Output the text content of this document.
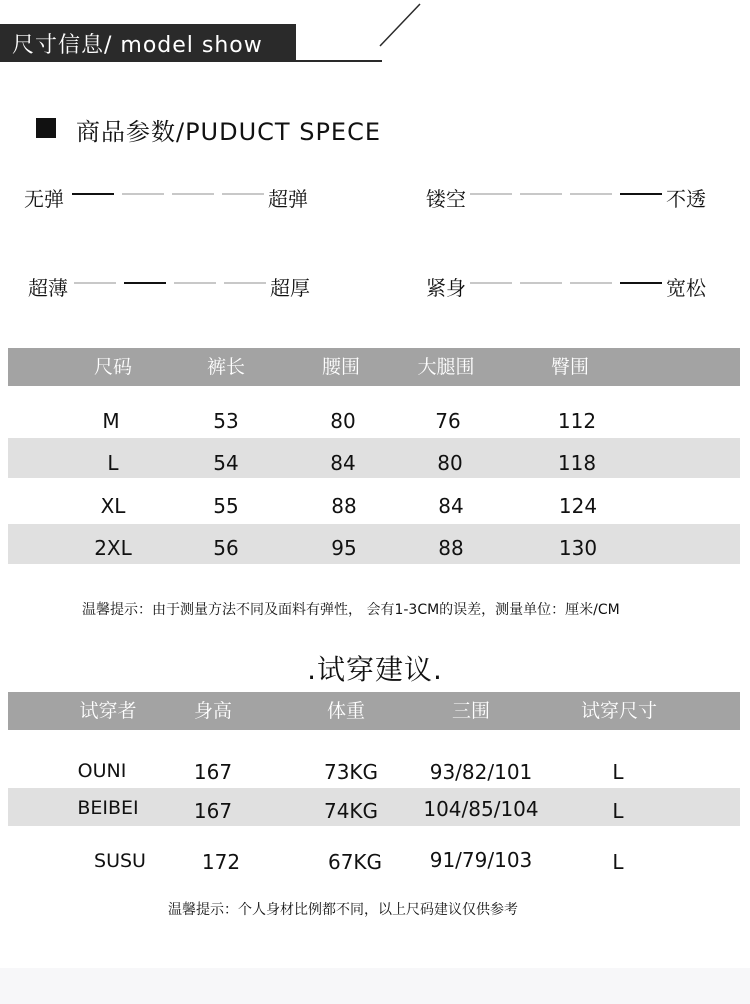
尺寸信息/ model show
商品参数/PUDUCT SPECE
无弹	超弹	镂空	不透
超薄	超厚	紧身	宽松
尺码	裤长	腰围	大腿围	臀围
M	53	80	76	112
L	54	84	80	118
XL	55	88	84	124
2XL	56	95	88	130
温馨提示：由于测量方法不同及面料有弹性， 会有1-3CM的误差，测量单位：厘米/CM
.试穿建议.
试穿者	身高	体重	三围	试穿尺寸
OUNI	167	73KG	93/82/101	L
BEIBEI	167	74KG	104/85/104	L
SUSU	172	67KG	91/79/103	L
温馨提示：个人身材比例都不同，以上尺码建议仅供参考
